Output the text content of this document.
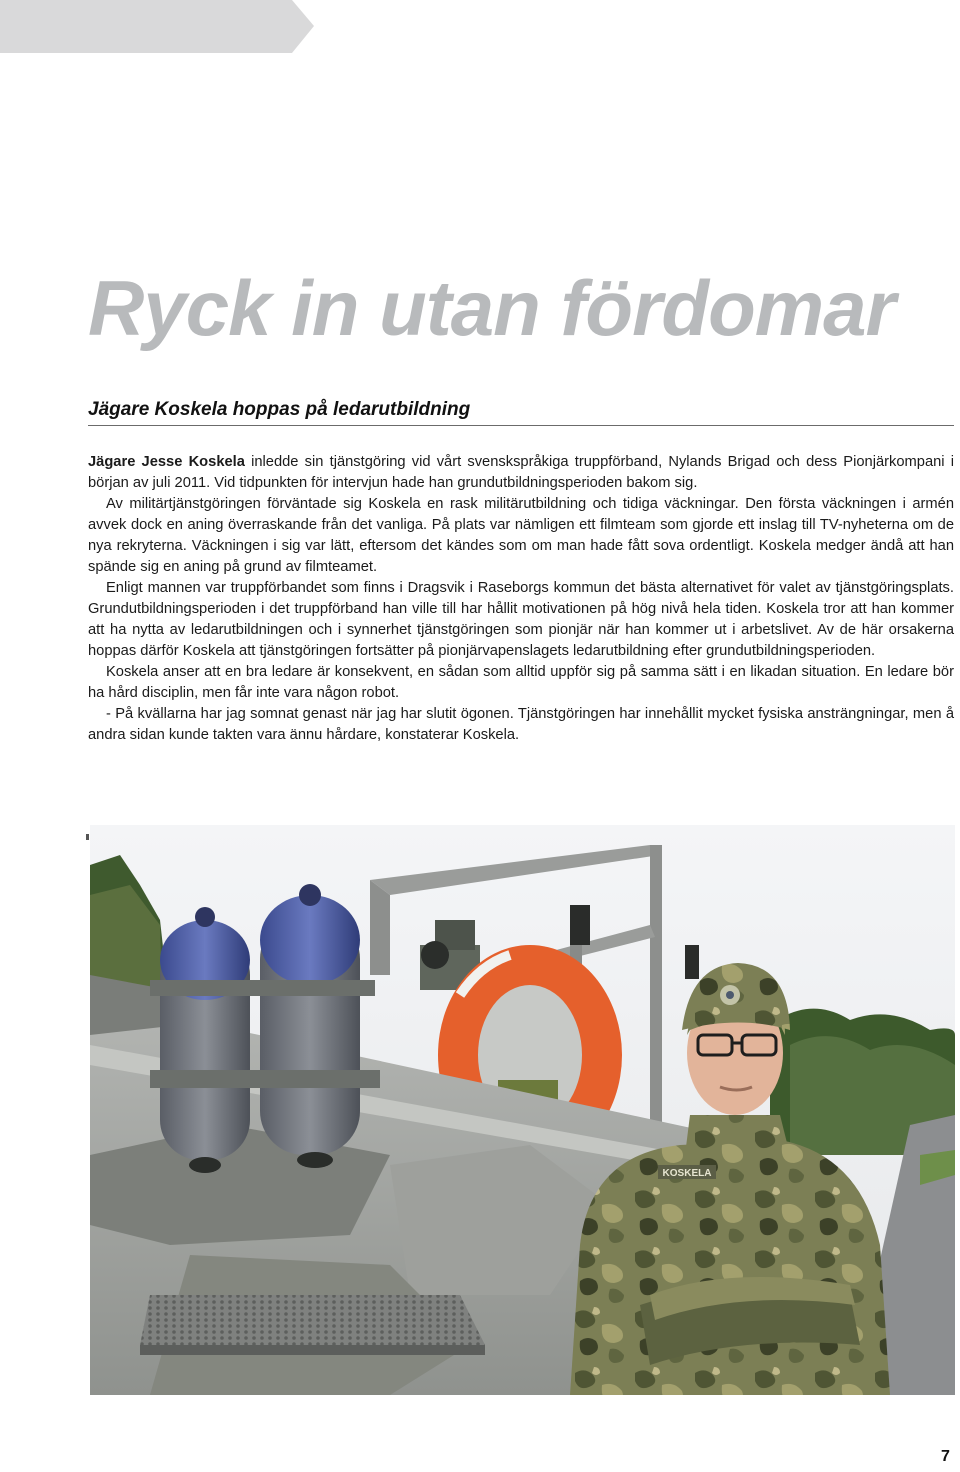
Ryck in utan fördomar
Jägare Koskela hoppas på ledarutbildning

Jägare Jesse Koskela inledde sin tjänstgöring vid vårt svenskspråkiga truppförband, Nylands Brigad och dess Pionjärkompani i början av juli 2011. Vid tidpunkten för intervjun hade han grundutbildningsperioden bakom sig.

Av militärtjänstgöringen förväntade sig Koskela en rask militärutbildning och tidiga väckningar. Den första väckningen i armén avvek dock en aning överraskande från det vanliga. På plats var nämligen ett filmteam som gjorde ett inslag till TV-nyheterna om de nya rekryterna. Väckningen i sig var lätt, eftersom det kändes som om man hade fått sova ordentligt. Koskela medger ändå att han spände sig en aning på grund av filmteamet.

Enligt mannen var truppförbandet som finns i Dragsvik i Raseborgs kommun det bästa alternativet för valet av tjänstgöringsplats. Grundutbildningsperioden i det truppförband han ville till har hållit motivationen på hög nivå hela tiden. Koskela tror att han kommer att ha nytta av ledarutbildningen och i synnerhet tjänstgöringen som pionjär när han kommer ut i arbetslivet. Av de här orsakerna hoppas därför Koskela att tjänstgöringen fortsätter på pionjärvapenslagets ledarutbildning efter grundutbildningsperioden.

Koskela anser att en bra ledare är konsekvent, en sådan som alltid uppför sig på samma sätt i en likadan situation. En ledare bör ha hård disciplin, men får inte vara någon robot.

- På kvällarna har jag somnat genast när jag har slutit ögonen. Tjänstgöringen har innehållit mycket fysiska ansträngningar, men å andra sidan kunde takten vara ännu hårdare, konstaterar Koskela.

KOSKELA
7
